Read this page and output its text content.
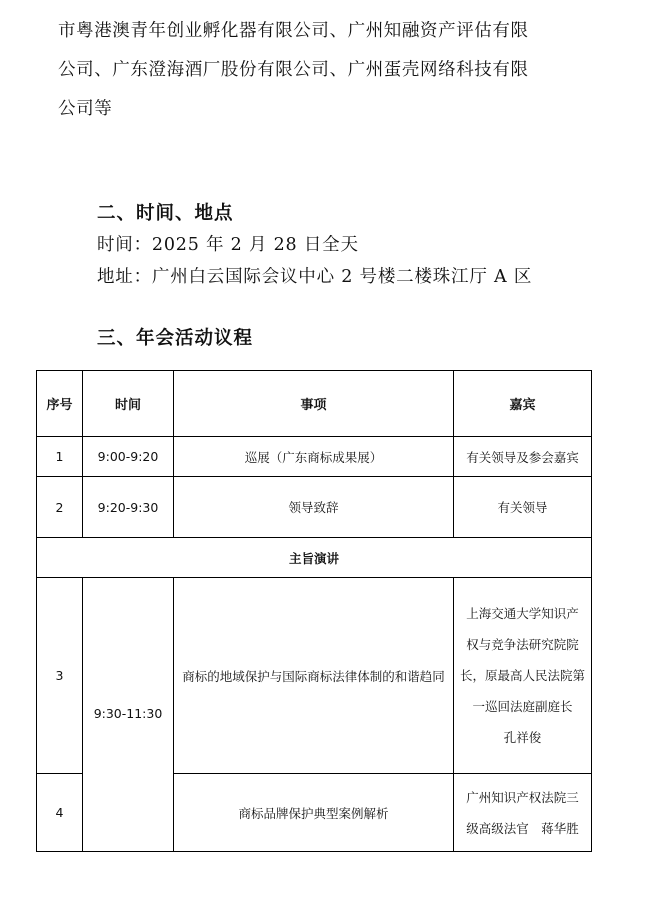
市粤港澳青年创业孵化器有限公司、广州知融资产评估有限
公司、广东澄海酒厂股份有限公司、广州蛋壳网络科技有限
公司等
二、时间、地点
时间：2025 年 2 月 28 日全天
地址：广州白云国际会议中心 2 号楼二楼珠江厅 A 区
三、年会活动议程
序号	时间	事项	嘉宾
1	9:00-9:20	巡展（广东商标成果展）	有关领导及参会嘉宾
2	9:20-9:30	领导致辞	有关领导
主旨演讲			
3	9:30-11:30	商标的地域保护与国际商标法律体制的和谐趋同	上海交通大学知识产
权与竞争法研究院院
长，原最高人民法院第
一巡回法庭副庭长
孔祥俊

4		商标品牌保护典型案例解析	广州知识产权法院三
级高级法官　蒋华胜
